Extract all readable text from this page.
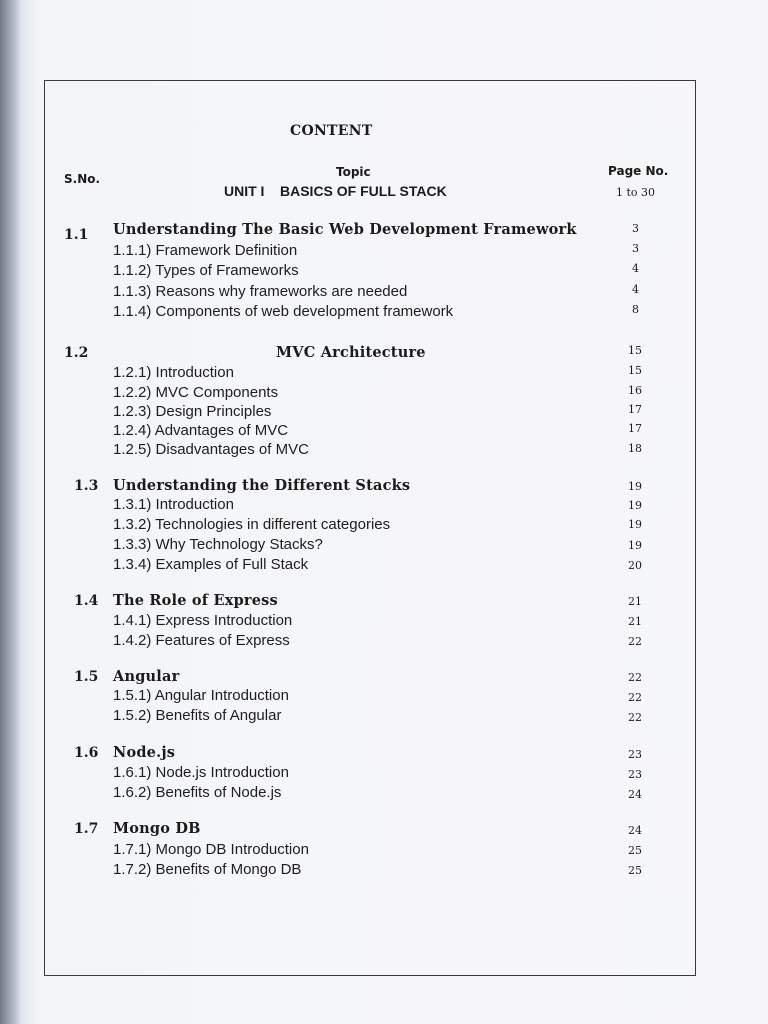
CONTENT
S.No.	Topic	Page No.
UNIT I    BASICS OF FULL STACK	1 to 30
1.1 Understanding The Basic Web Development Framework	3
1.1.1) Framework Definition	3
1.1.2) Types of Frameworks	4
1.1.3) Reasons why frameworks are needed	4
1.1.4) Components of web development framework	8
1.2	MVC Architecture	15
1.2.1) Introduction	15
1.2.2) MVC Components	16
1.2.3) Design Principles	17
1.2.4) Advantages of MVC	17
1.2.5) Disadvantages of MVC	18
1.3 Understanding the Different Stacks	19
1.3.1) Introduction	19
1.3.2) Technologies in different categories	19
1.3.3) Why Technology Stacks?	19
1.3.4) Examples of Full Stack	20
1.4 The Role of Express	21
1.4.1) Express Introduction	21
1.4.2) Features of Express	22
1.5 Angular	22
1.5.1) Angular Introduction	22
1.5.2) Benefits of Angular	22
1.6 Node.js	23
1.6.1) Node.js Introduction	23
1.6.2) Benefits of Node.js	24
1.7 Mongo DB	24
1.7.1) Mongo DB Introduction	25
1.7.2) Benefits of Mongo DB	25
